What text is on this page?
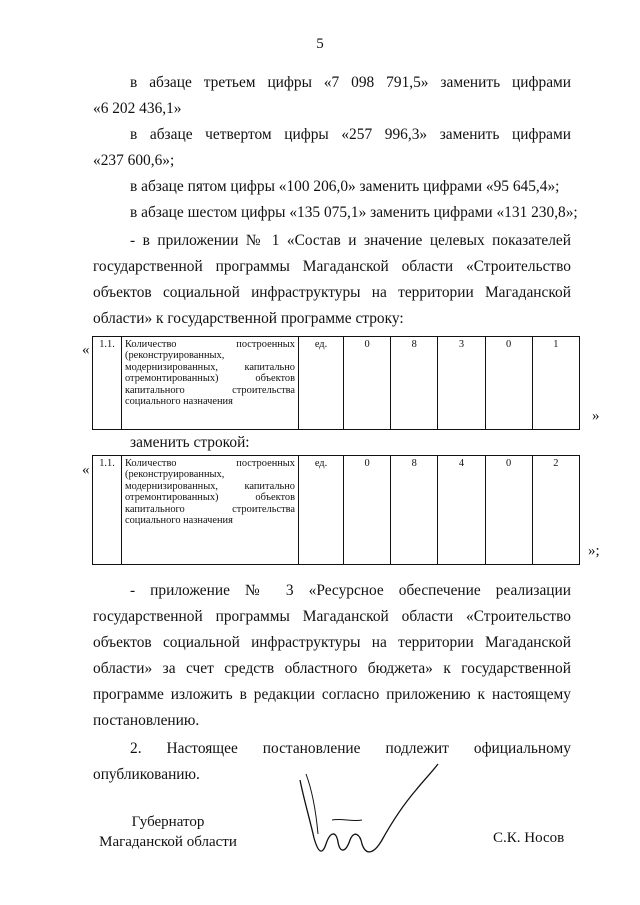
5
в абзаце третьем цифры «7 098 791,5» заменить цифрами
«6 202 436,1»
в абзаце четвертом цифры «257 996,3» заменить цифрами
«237 600,6»;
в абзаце пятом цифры «100 206,0» заменить цифрами «95 645,4»;
в абзаце шестом цифры «135 075,1» заменить цифрами «131 230,8»;
- в приложении № 1 «Состав и значение целевых показателей
государственной программы Магаданской области «Строительство
объектов социальной инфраструктуры на территории Магаданской
области» к государственной программе строку:
« 1.1.	Количество построенных
(реконструированных,
модернизированных, капитально
отремонтированных) объектов
капитального строительства
социального назначения
	ед.	0	8	3	0	1
»
заменить строкой:
« 1.1.	Количество построенных
(реконструированных,
модернизированных, капитально
отремонтированных) объектов
капитального строительства
социального назначения
	ед.	0	8	4	0	2
»;
- приложение № 3 «Ресурсное обеспечение реализации
государственной программы Магаданской области «Строительство
объектов социальной инфраструктуры на территории Магаданской
области» за счет средств областного бюджета» к государственной
программе изложить в редакции согласно приложению к настоящему
постановлению.
2. Настоящее постановление подлежит официальному
опубликованию.
Губернатор
Магаданской области	С.К. Носов
